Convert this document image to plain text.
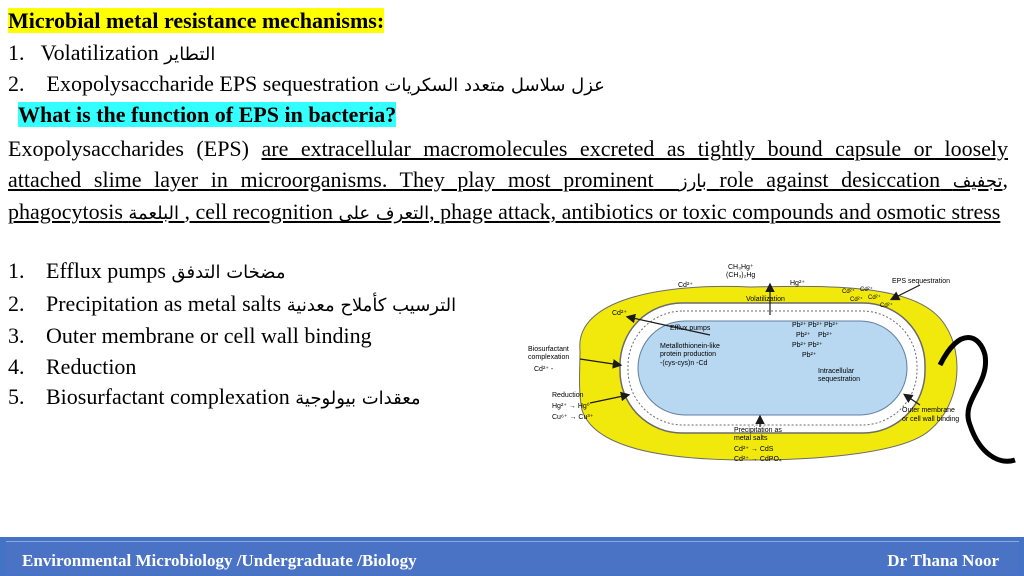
Microbial metal resistance mechanisms:
1. Volatilization التطاير
2. Exopolysaccharide EPS sequestration عزل سلاسل متعدد السكريات
What is the function of EPS in bacteria?
Exopolysaccharides (EPS) are extracellular macromolecules excreted as tightly bound capsule or loosely attached slime layer in microorganisms. They play most prominent بارز role against desiccation تجفيف, phagocytosis البلعمة , cell recognition التعرف على, phage attack, antibiotics or toxic compounds and osmotic stress
1. Efflux pumps مضخات التدفق
2. Precipitation as metal salts الترسيب كأملاح معدنية
3. Outer membrane or cell wall binding
4. Reduction
5. Biosurfactant complexation معقدات بيولوجية
CH₃Hg⁺
(CH₃)₂Hg
Hg²⁺
Cd²⁺
Volatilization
EPS sequestration
Cd²⁺
Efflux pumps
Biosurfactant
complexation
Cd²⁺ -
Metallothionein-like
protein production
-(cys-cys)n -Cd
Intracellular
sequestration
Reduction
Hg²⁺ → Hg⁰
Cu⁶⁺ → Cu³⁺
Outer membrane
or cell wall binding
Precipitation as
metal salts
Cd²⁺ → CdS
Cd²⁺ → CdPO₄
Pb²⁺ Pb²⁺ Pb²⁺
Pb²⁺ Pb²⁺
Pb²⁺ Pb²⁺
Pb²⁺
Cd²⁺ Cd²⁺
Cd²⁺ Cd²⁺
Cd²⁺
Environmental Microbiology /Undergraduate /Biology	Dr Thana Noor
